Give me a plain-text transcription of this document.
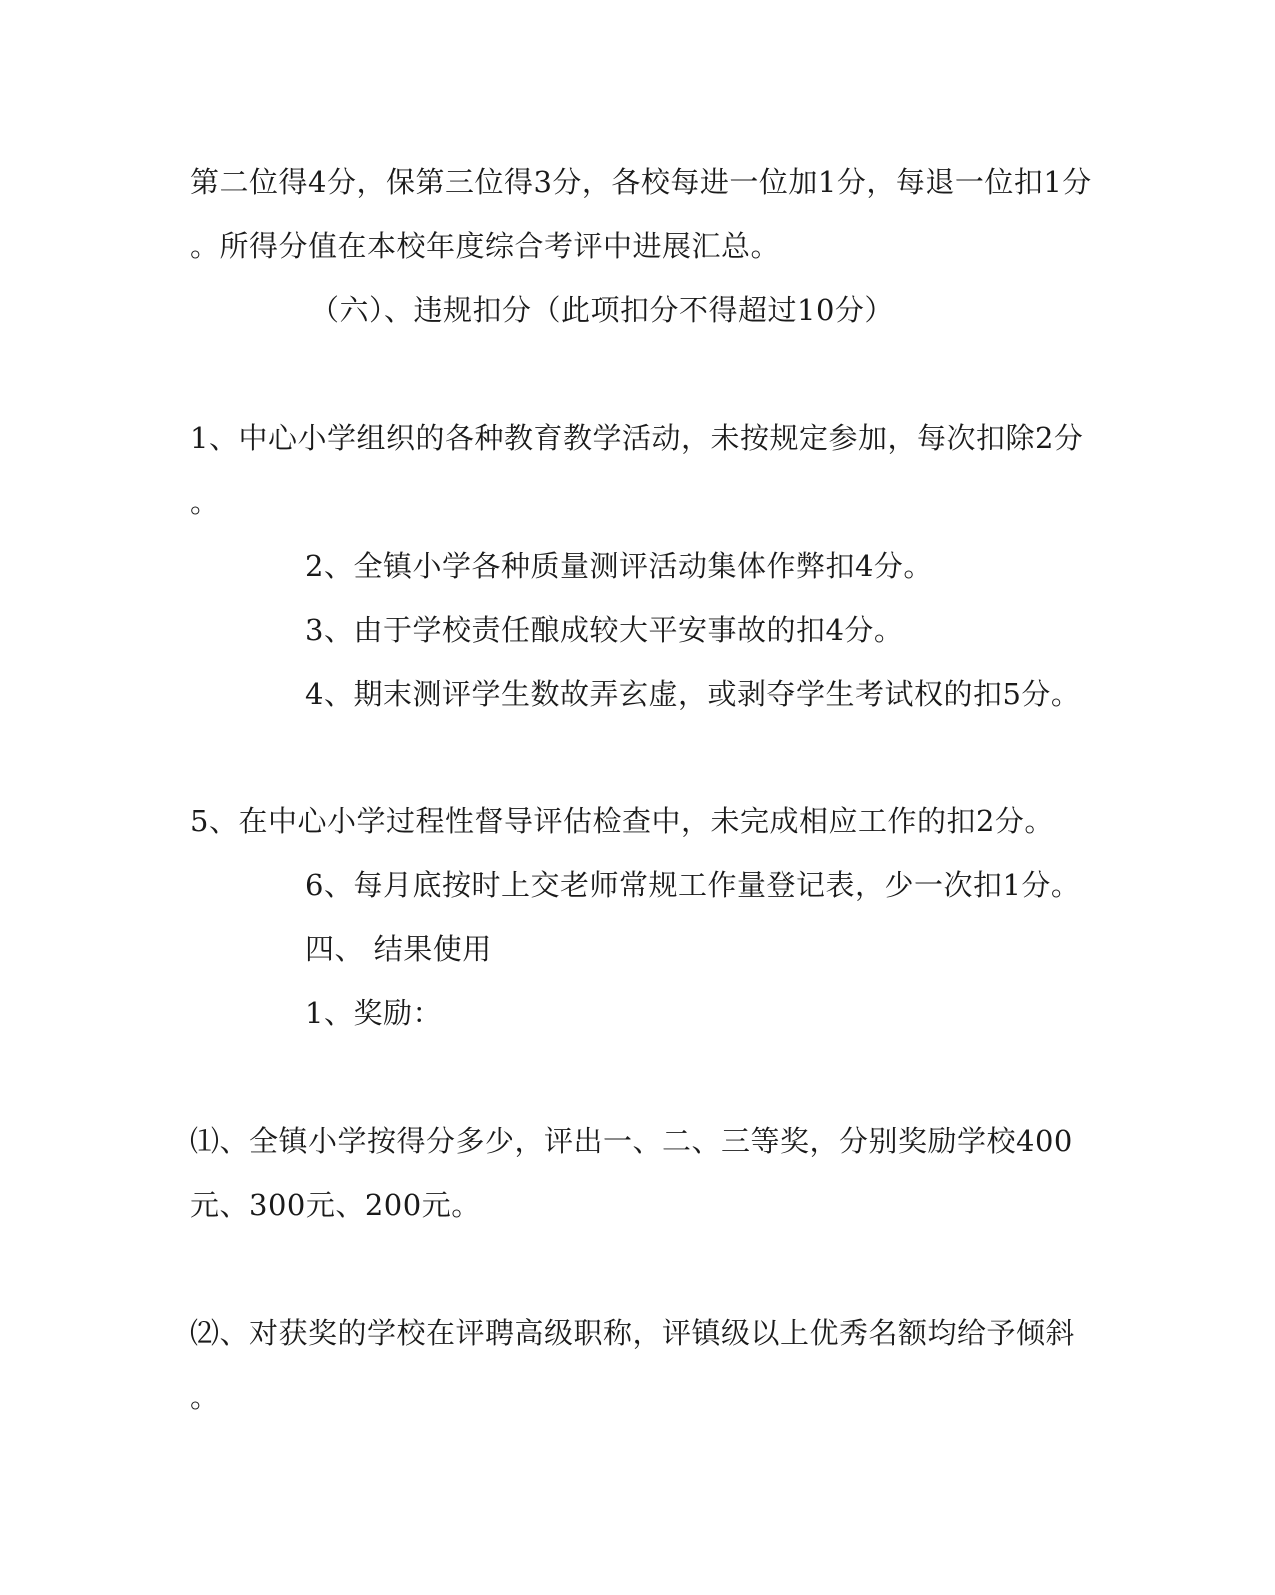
第二位得4分，保第三位得3分，各校每进一位加1分，每退一位扣1分
。所得分值在本校年度综合考评中进展汇总。
（六）、违规扣分（此项扣分不得超过10分）
1、中心小学组织的各种教育教学活动，未按规定参加，每次扣除2分
。
2、全镇小学各种质量测评活动集体作弊扣4分。
3、由于学校责任酿成较大平安事故的扣4分。
4、期末测评学生数故弄玄虚，或剥夺学生考试权的扣5分。
5、在中心小学过程性督导评估检查中，未完成相应工作的扣2分。
6、每月底按时上交老师常规工作量登记表，少一次扣1分。
四、 结果使用
1、奖励：
⑴、全镇小学按得分多少，评出一、二、三等奖，分别奖励学校400
元、300元、200元。
⑵、对获奖的学校在评聘高级职称，评镇级以上优秀名额均给予倾斜
。
